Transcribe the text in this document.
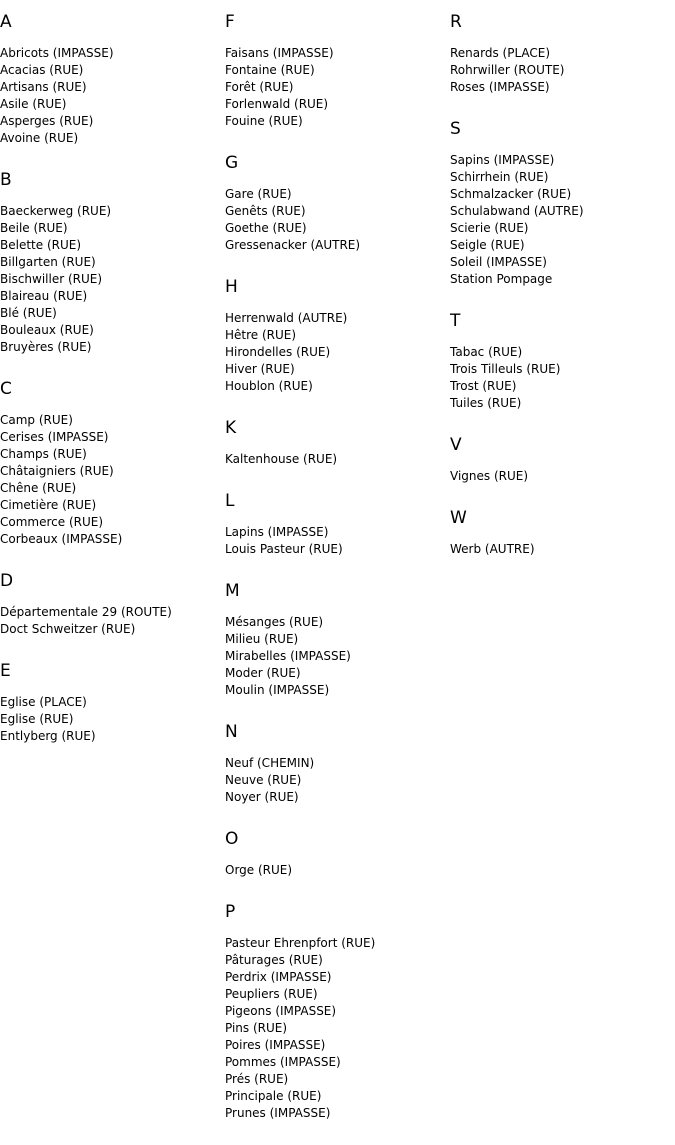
A
Abricots (IMPASSE)
Acacias (RUE)
Artisans (RUE)
Asile (RUE)
Asperges (RUE)
Avoine (RUE)
B
Baeckerweg (RUE)
Beile (RUE)
Belette (RUE)
Billgarten (RUE)
Bischwiller (RUE)
Blaireau (RUE)
Blé (RUE)
Bouleaux (RUE)
Bruyères (RUE)
C
Camp (RUE)
Cerises (IMPASSE)
Champs (RUE)
Châtaigniers (RUE)
Chêne (RUE)
Cimetière (RUE)
Commerce (RUE)
Corbeaux (IMPASSE)
D
Départementale 29 (ROUTE)
Doct Schweitzer (RUE)
E
Eglise (PLACE)
Eglise (RUE)
Entlyberg (RUE)
F
Faisans (IMPASSE)
Fontaine (RUE)
Forêt (RUE)
Forlenwald (RUE)
Fouine (RUE)
G
Gare (RUE)
Genêts (RUE)
Goethe (RUE)
Gressenacker (AUTRE)
H
Herrenwald (AUTRE)
Hêtre (RUE)
Hirondelles (RUE)
Hiver (RUE)
Houblon (RUE)
K
Kaltenhouse (RUE)
L
Lapins (IMPASSE)
Louis Pasteur (RUE)
M
Mésanges (RUE)
Milieu (RUE)
Mirabelles (IMPASSE)
Moder (RUE)
Moulin (IMPASSE)
N
Neuf (CHEMIN)
Neuve (RUE)
Noyer (RUE)
O
Orge (RUE)
P
Pasteur Ehrenpfort (RUE)
Pâturages (RUE)
Perdrix (IMPASSE)
Peupliers (RUE)
Pigeons (IMPASSE)
Pins (RUE)
Poires (IMPASSE)
Pommes (IMPASSE)
Prés (RUE)
Principale (RUE)
Prunes (IMPASSE)
R
Renards (PLACE)
Rohrwiller (ROUTE)
Roses (IMPASSE)
S
Sapins (IMPASSE)
Schirrhein (RUE)
Schmalzacker (RUE)
Schulabwand (AUTRE)
Scierie (RUE)
Seigle (RUE)
Soleil (IMPASSE)
Station Pompage
T
Tabac (RUE)
Trois Tilleuls (RUE)
Trost (RUE)
Tuiles (RUE)
V
Vignes (RUE)
W
Werb (AUTRE)
